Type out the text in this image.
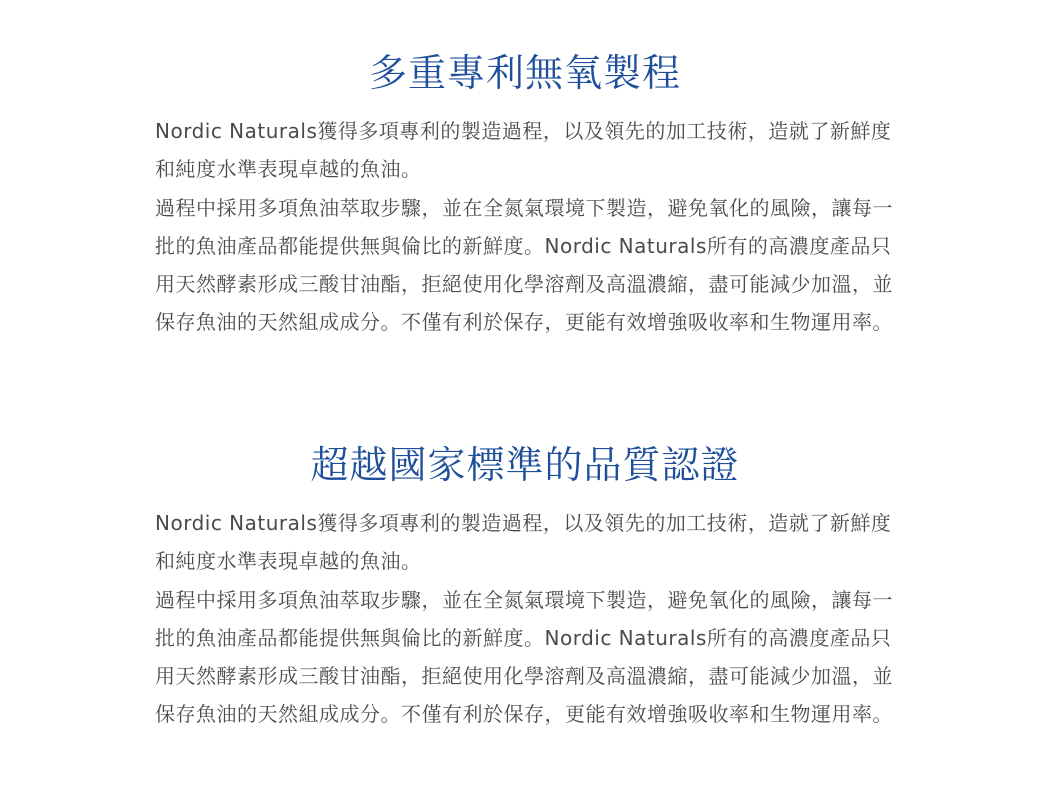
多重專利無氧製程

Nordic Naturals獲得多項專利的製造過程，以及領先的加工技術，造就了新鮮度和純度水準表現卓越的魚油。

過程中採用多項魚油萃取步驟，並在全氮氣環境下製造，避免氧化的風險，讓每一批的魚油產品都能提供無與倫比的新鮮度。Nordic Naturals所有的高濃度產品只用天然酵素形成三酸甘油酯，拒絕使用化學溶劑及高溫濃縮，盡可能減少加溫，並保存魚油的天然組成成分。不僅有利於保存，更能有效增強吸收率和生物運用率。

超越國家標準的品質認證

Nordic Naturals獲得多項專利的製造過程，以及領先的加工技術，造就了新鮮度和純度水準表現卓越的魚油。

過程中採用多項魚油萃取步驟，並在全氮氣環境下製造，避免氧化的風險，讓每一批的魚油產品都能提供無與倫比的新鮮度。Nordic Naturals所有的高濃度產品只用天然酵素形成三酸甘油酯，拒絕使用化學溶劑及高溫濃縮，盡可能減少加溫，並保存魚油的天然組成成分。不僅有利於保存，更能有效增強吸收率和生物運用率。
